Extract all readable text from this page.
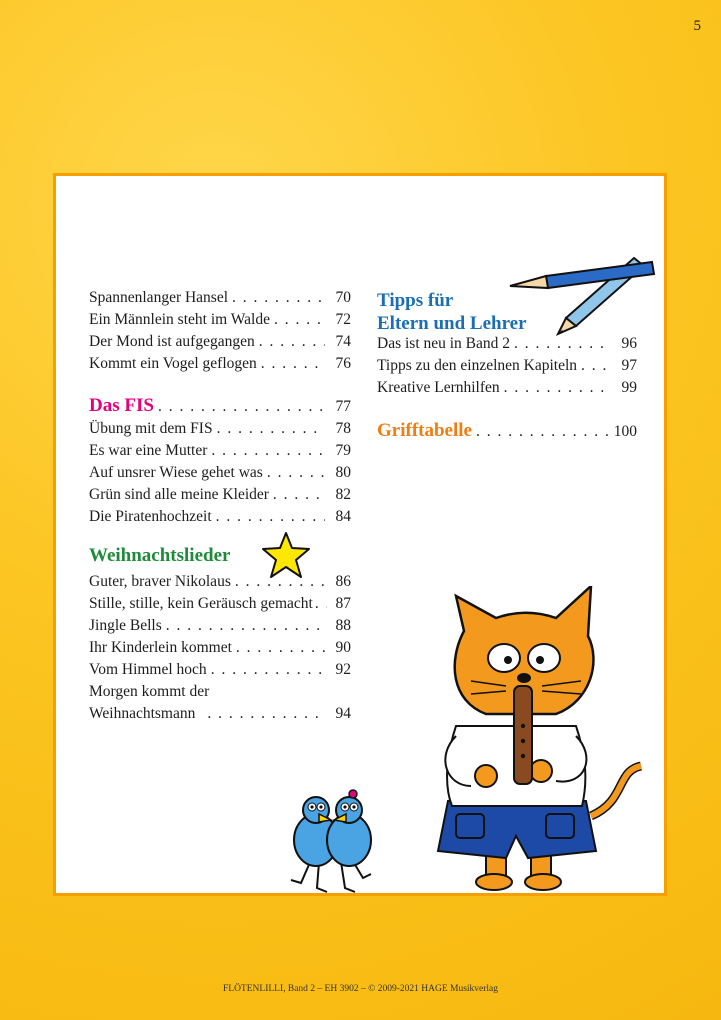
5
Spannenlanger Hansel . . .	70
Ein Männlein steht im Walde . . .	72
Der Mond ist aufgegangen . . .	74
Kommt ein Vogel geflogen . . .	76
Das FIS . . .	77
Übung mit dem FIS . . .	78
Es war eine Mutter . . .	79
Auf unsrer Wiese gehet was . . .	80
Grün sind alle meine Kleider . . .	82
Die Piratenhochzeit . . .	84
Weihnachtslieder
Guter, braver Nikolaus . . .	86
Stille, stille, kein Geräusch gemacht . . .	87
Jingle Bells . . .	88
Ihr Kinderlein kommet . . .	90
Vom Himmel hoch . . .	92
Morgen kommt der
Weihnachtsmann . . .	94
Tipps für
Eltern und Lehrer
Das ist neu in Band 2 . . .	96
Tipps zu den einzelnen Kapiteln . . .	97
Kreative Lernhilfen . . .	99
Grifftabelle . . .	100
FLÖTENLILLI, Band 2 – EH 3902 – © 2009-2021 HAGE Musikverlag
